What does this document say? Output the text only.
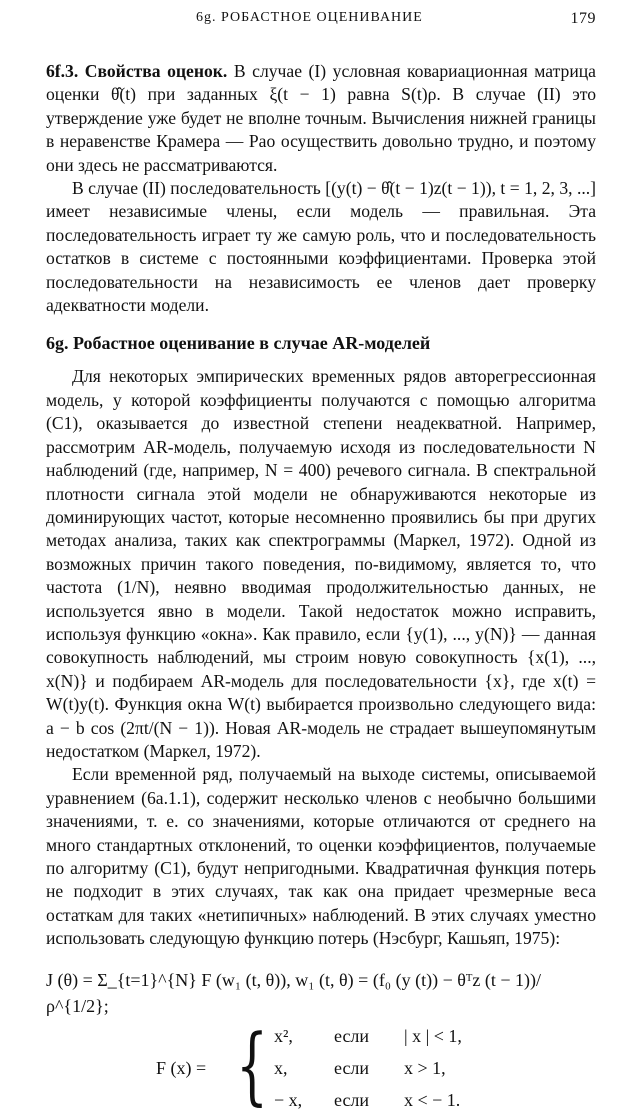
6g. РОБАСТНОЕ ОЦЕНИВАНИЕ	179

6f.3. Свойства оценок. В случае (I) условная ковариационная матрица оценки θ̂(t) при заданных ξ(t − 1) равна S(t)ρ. В случае (II) это утверждение уже будет не вполне точным. Вычисления нижней границы в неравенстве Крамера — Рао осуществить довольно трудно, и поэтому они здесь не рассматриваются.

В случае (II) последовательность [(y(t) − θ̂(t − 1)z(t − 1)), t = 1, 2, 3, ...] имеет независимые члены, если модель — правильная. Эта последовательность играет ту же самую роль, что и последовательность остатков в системе с постоянными коэффициентами. Проверка этой последовательности на независимость ее членов дает проверку адекватности модели.

6g. Робастное оценивание в случае AR-моделей

Для некоторых эмпирических временных рядов авторегрессионная модель, у которой коэффициенты получаются с помощью алгоритма (С1), оказывается до известной степени неадекватной. Например, рассмотрим AR-модель, получаемую исходя из последовательности N наблюдений (где, например, N = 400) речевого сигнала. В спектральной плотности сигнала этой модели не обнаруживаются некоторые из доминирующих частот, которые несомненно проявились бы при других методах анализа, таких как спектрограммы (Маркел, 1972). Одной из возможных причин такого поведения, по-видимому, является то, что частота (1/N), неявно вводимая продолжительностью данных, не используется явно в модели. Такой недостаток можно исправить, используя функцию «окна». Как правило, если {y(1), ..., y(N)} — данная совокупность наблюдений, мы строим новую совокупность {x(1), ..., x(N)} и подбираем AR-модель для последовательности {x}, где x(t) = W(t)y(t). Функция окна W(t) выбирается произвольно следующего вида: a − b cos (2πt/(N − 1)). Новая AR-модель не страдает вышеупомянутым недостатком (Маркел, 1972).

Если временной ряд, получаемый на выходе системы, описываемой уравнением (6a.1.1), содержит несколько членов с необычно большими значениями, т. е. со значениями, которые отличаются от среднего на много стандартных отклонений, то оценки коэффициентов, получаемые по алгоритму (С1), будут непригодными. Квадратичная функция потерь не подходит в этих случаях, так как она придает чрезмерные веса остаткам для таких «нетипичных» наблюдений. В этих случаях уместно использовать следующую функцию потерь (Нэсбург, Кашьяп, 1975):

J (θ) = Σ_{t=1}^{N} F (w₁ (t, θ)), w₁ (t, θ) = (f₀ (y (t)) − θᵀz (t − 1))/ρ^{1/2};
F (x) = { x², если | x | < 1,
x,	если x > 1,
− x, если x < − 1.
